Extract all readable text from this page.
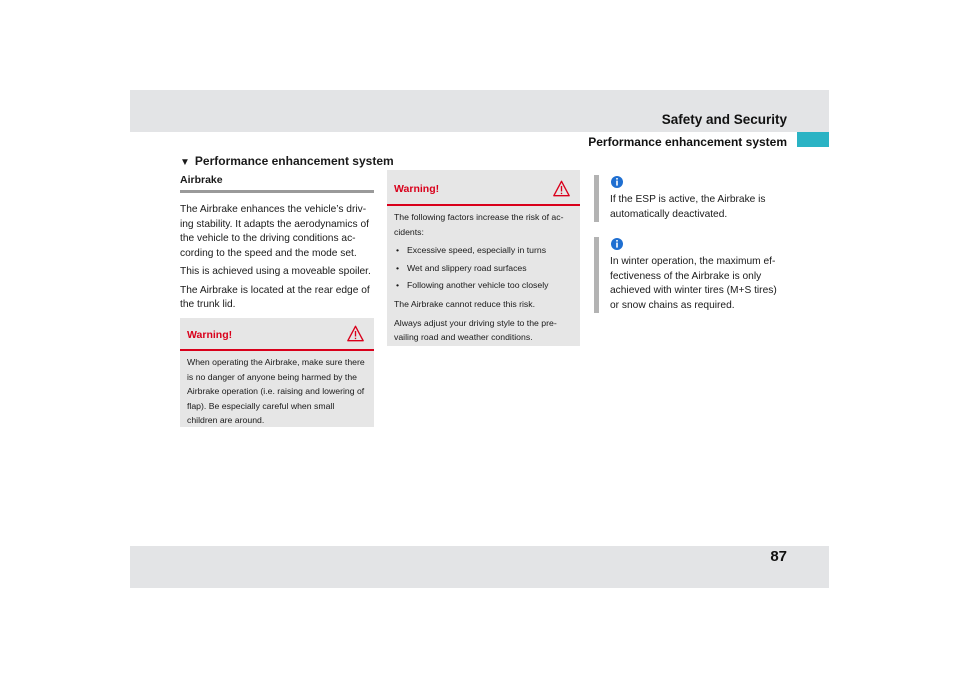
Safety and Security
Performance enhancement system
▼ Performance enhancement system
Airbrake

The Airbrake enhances the vehicle’s driv-ing stability. It adapts the aerodynamics of the vehicle to the driving conditions ac-cording to the speed and the mode set.

This is achieved using a moveable spoiler.

The Airbrake is located at the rear edge of the trunk lid.

Warning!

When operating the Airbrake, make sure there is no danger of anyone being harmed by the Airbrake operation (i.e. raising and lowering of flap). Be especially careful when small children are around.

Warning!

The following factors increase the risk of ac-cidents:

• Excessive speed, especially in turns
• Wet and slippery road surfaces
• Following another vehicle too closely

The Airbrake cannot reduce this risk.

Always adjust your driving style to the pre-vailing road and weather conditions.

If the ESP is active, the Airbrake is automatically deactivated.

In winter operation, the maximum ef-fectiveness of the Airbrake is only achieved with winter tires (M+S tires) or snow chains as required.

87
